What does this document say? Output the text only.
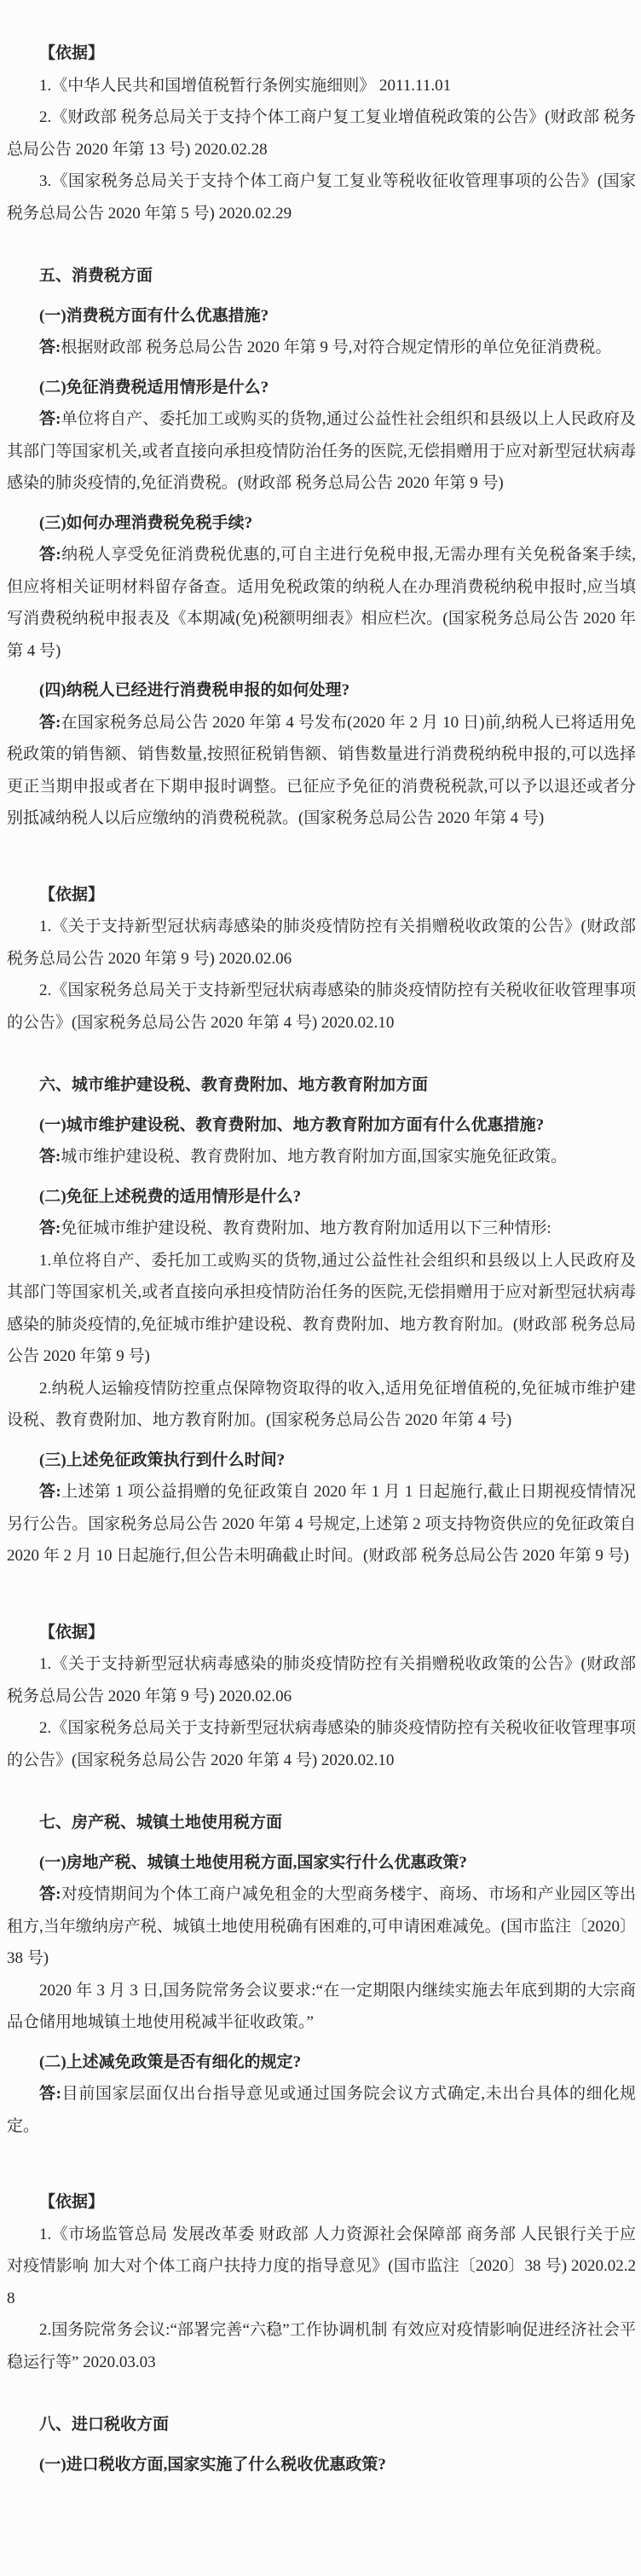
【依据】

1.《中华人民共和国增值税暂行条例实施细则》 2011.11.01

2.《财政部 税务总局关于支持个体工商户复工复业增值税政策的公告》(财政部 税务总局公告 2020 年第 13 号) 2020.02.28

3.《国家税务总局关于支持个体工商户复工复业等税收征收管理事项的公告》(国家税务总局公告 2020 年第 5 号) 2020.02.29

五、消费税方面

(一)消费税方面有什么优惠措施?

答:根据财政部 税务总局公告 2020 年第 9 号,对符合规定情形的单位免征消费税。

(二)免征消费税适用情形是什么?

答:单位将自产、委托加工或购买的货物,通过公益性社会组织和县级以上人民政府及其部门等国家机关,或者直接向承担疫情防治任务的医院,无偿捐赠用于应对新型冠状病毒感染的肺炎疫情的,免征消费税。(财政部 税务总局公告 2020 年第 9 号)

(三)如何办理消费税免税手续?

答:纳税人享受免征消费税优惠的,可自主进行免税申报,无需办理有关免税备案手续,但应将相关证明材料留存备查。适用免税政策的纳税人在办理消费税纳税申报时,应当填写消费税纳税申报表及《本期减(免)税额明细表》相应栏次。(国家税务总局公告 2020 年第 4 号)

(四)纳税人已经进行消费税申报的如何处理?

答:在国家税务总局公告 2020 年第 4 号发布(2020 年 2 月 10 日)前,纳税人已将适用免税政策的销售额、销售数量,按照征税销售额、销售数量进行消费税纳税申报的,可以选择更正当期申报或者在下期申报时调整。已征应予免征的消费税税款,可以予以退还或者分别抵减纳税人以后应缴纳的消费税税款。(国家税务总局公告 2020 年第 4 号)

【依据】

1.《关于支持新型冠状病毒感染的肺炎疫情防控有关捐赠税收政策的公告》(财政部 税务总局公告 2020 年第 9 号) 2020.02.06

2.《国家税务总局关于支持新型冠状病毒感染的肺炎疫情防控有关税收征收管理事项的公告》(国家税务总局公告 2020 年第 4 号) 2020.02.10

六、城市维护建设税、教育费附加、地方教育附加方面

(一)城市维护建设税、教育费附加、地方教育附加方面有什么优惠措施?

答:城市维护建设税、教育费附加、地方教育附加方面,国家实施免征政策。

(二)免征上述税费的适用情形是什么?

答:免征城市维护建设税、教育费附加、地方教育附加适用以下三种情形:

1.单位将自产、委托加工或购买的货物,通过公益性社会组织和县级以上人民政府及其部门等国家机关,或者直接向承担疫情防治任务的医院,无偿捐赠用于应对新型冠状病毒感染的肺炎疫情的,免征城市维护建设税、教育费附加、地方教育附加。(财政部 税务总局公告 2020 年第 9 号)

2.纳税人运输疫情防控重点保障物资取得的收入,适用免征增值税的,免征城市维护建设税、教育费附加、地方教育附加。(国家税务总局公告 2020 年第 4 号)

(三)上述免征政策执行到什么时间?

答:上述第 1 项公益捐赠的免征政策自 2020 年 1 月 1 日起施行,截止日期视疫情情况另行公告。国家税务总局公告 2020 年第 4 号规定,上述第 2 项支持物资供应的免征政策自 2020 年 2 月 10 日起施行,但公告未明确截止时间。(财政部 税务总局公告 2020 年第 9 号)

【依据】

1.《关于支持新型冠状病毒感染的肺炎疫情防控有关捐赠税收政策的公告》(财政部 税务总局公告 2020 年第 9 号) 2020.02.06

2.《国家税务总局关于支持新型冠状病毒感染的肺炎疫情防控有关税收征收管理事项的公告》(国家税务总局公告 2020 年第 4 号) 2020.02.10

七、房产税、城镇土地使用税方面

(一)房地产税、城镇土地使用税方面,国家实行什么优惠政策?

答:对疫情期间为个体工商户减免租金的大型商务楼宇、商场、市场和产业园区等出租方,当年缴纳房产税、城镇土地使用税确有困难的,可申请困难减免。(国市监注〔2020〕38 号)

2020 年 3 月 3 日,国务院常务会议要求:“在一定期限内继续实施去年底到期的大宗商品仓储用地城镇土地使用税减半征收政策。”

(二)上述减免政策是否有细化的规定?

答:目前国家层面仅出台指导意见或通过国务院会议方式确定,未出台具体的细化规定。

【依据】

1.《市场监管总局 发展改革委 财政部 人力资源社会保障部 商务部 人民银行关于应对疫情影响 加大对个体工商户扶持力度的指导意见》(国市监注〔2020〕38 号) 2020.02.28

2.国务院常务会议:“部署完善“六稳”工作协调机制 有效应对疫情影响促进经济社会平稳运行等” 2020.03.03

八、进口税收方面

(一)进口税收方面,国家实施了什么税收优惠政策?
